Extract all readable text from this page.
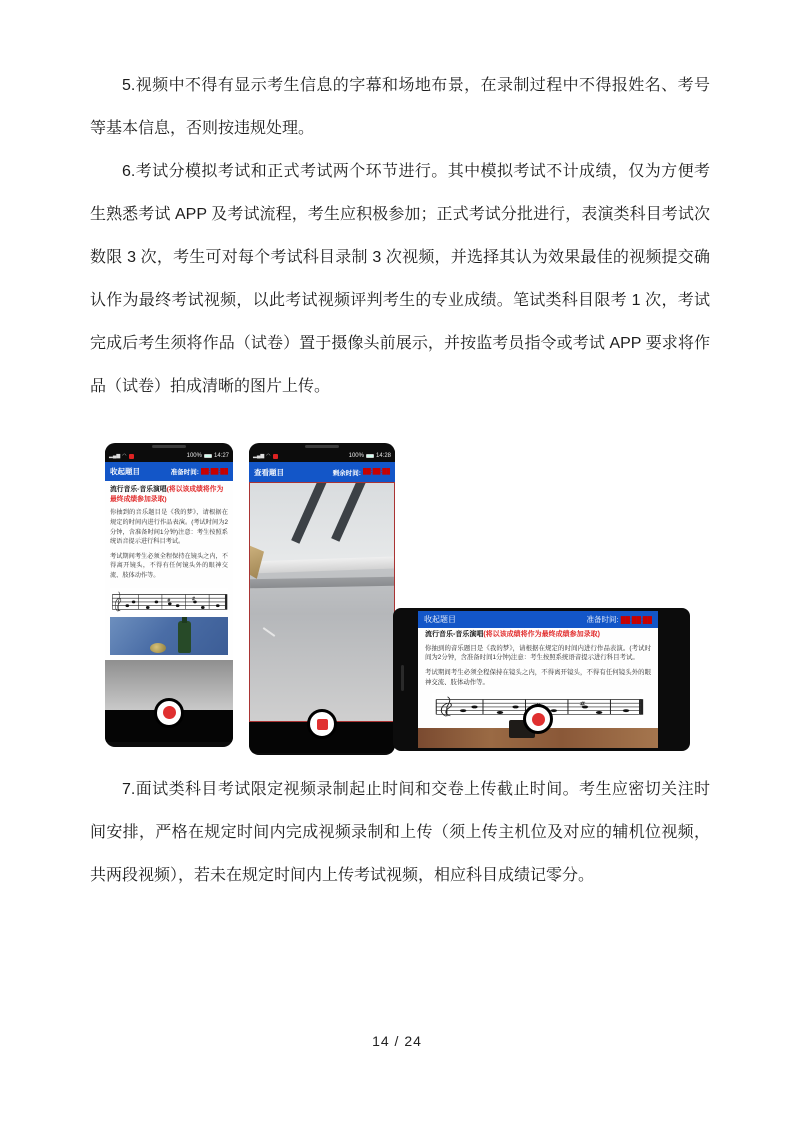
5.视频中不得有显示考生信息的字幕和场地布景，在录制过程中不得报姓名、考号等基本信息，否则按违规处理。

6.考试分模拟考试和正式考试两个环节进行。其中模拟考试不计成绩，仅为方便考生熟悉考试 APP 及考试流程，考生应积极参加；正式考试分批进行，表演类科目考试次数限 3 次，考生可对每个考试科目录制 3 次视频，并选择其认为效果最佳的视频提交确认作为最终考试视频，以此考试视频评判考生的专业成绩。笔试类科目限考 1 次，考试完成后考生须将作品（试卷）置于摄像头前展示，并按监考员指令或考试 APP 要求将作品（试卷）拍成清晰的图片上传。

▂▄▆ ◠	100% 14:27
收起题目	准备时间: ██:██:██
流行音乐-音乐演唱(将以该成绩将作为最终成绩参加录取)
你抽到的音乐题目是《我的梦》，请根据在规定的时间内进行作品表演。(考试时间为2分钟，含准备时间1分钟)注意：考生按照系统语音提示进行科目考试。
考试期间考生必须全程保持在镜头之内，不得离开镜头，不得有任何镜头外的眼神交流、肢体动作等。
▂▄▆ ◠	100% 14:28
查看题目	剩余时间: ██:██:██
收起题目	准备时间: ██:██:██
流行音乐-音乐演唱(将以该成绩将作为最终成绩参加录取)
你抽到的音乐题目是《我的梦》，请根据在规定的时间内进行作品表演。(考试时间为2分钟，含准备时间1分钟)注意：考生按照系统语音提示进行科目考试。
考试期间考生必须全程保持在镜头之内，不得离开镜头，不得有任何镜头外的眼神交流、肢体动作等。

7.面试类科目考试限定视频录制起止时间和交卷上传截止时间。考生应密切关注时间安排，严格在规定时间内完成视频录制和上传（须上传主机位及对应的辅机位视频，共两段视频），若未在规定时间内上传考试视频，相应科目成绩记零分。

14 / 24
